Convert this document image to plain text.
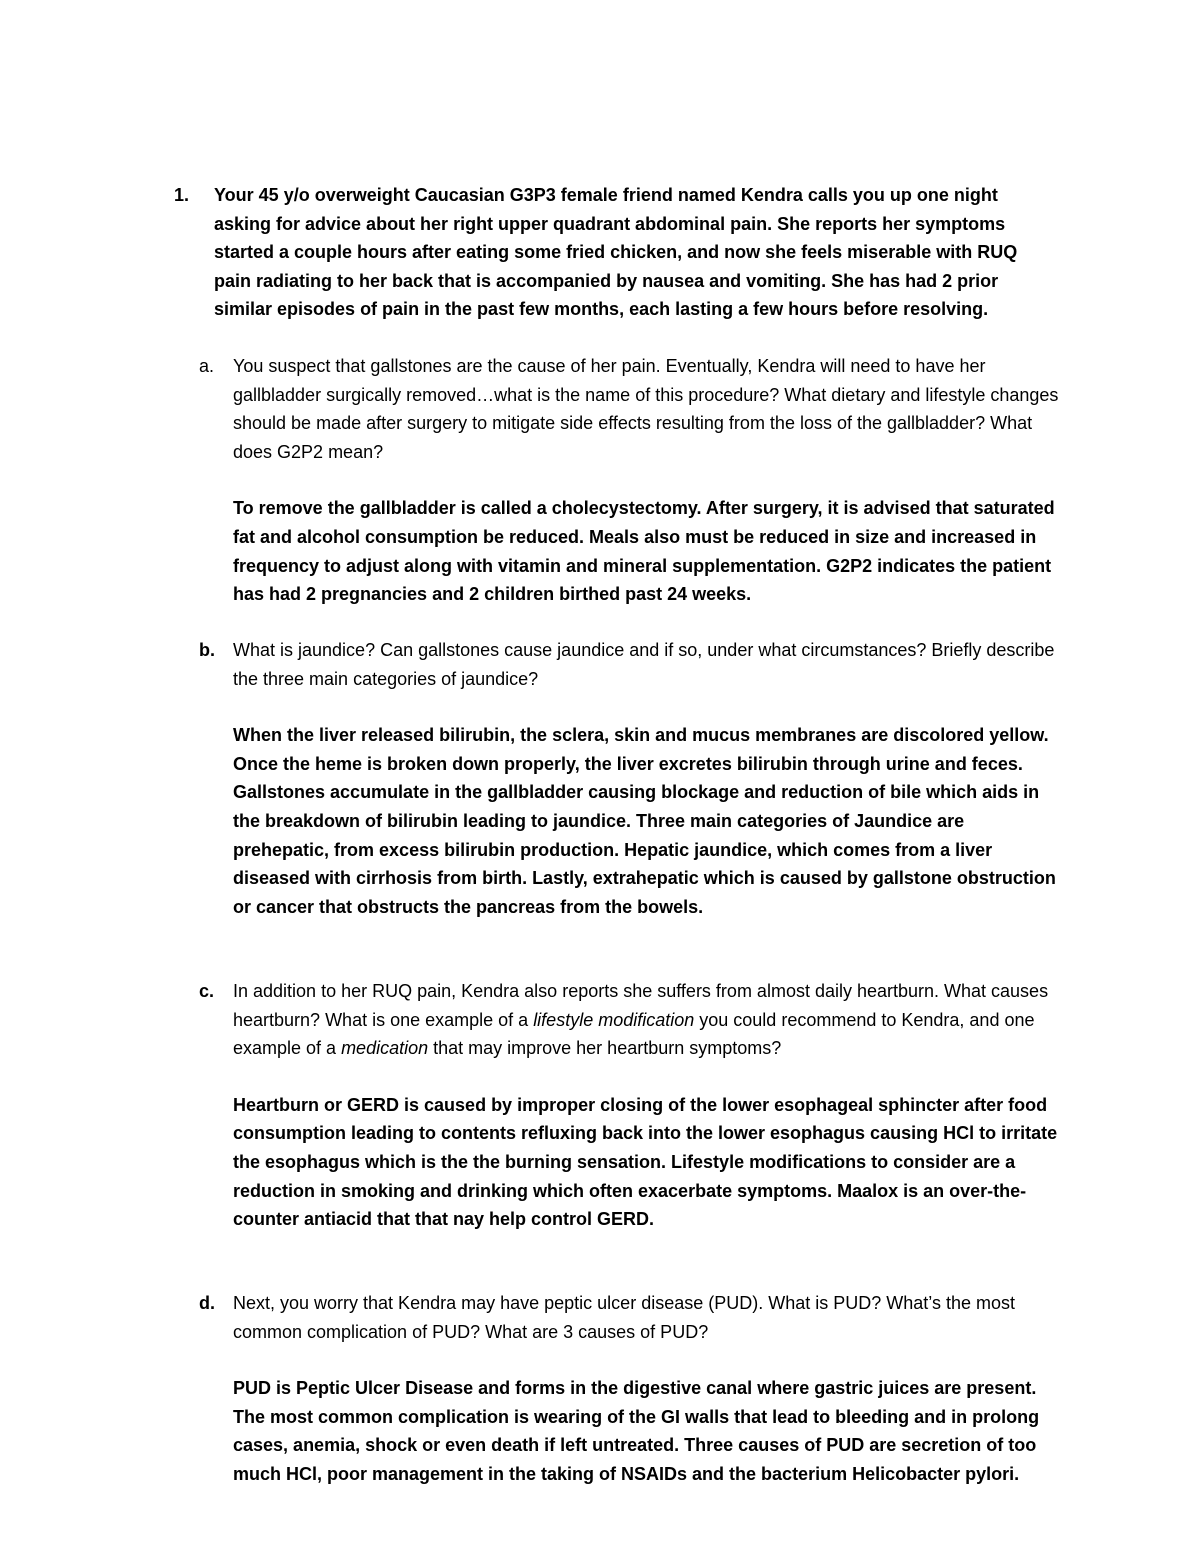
1. Your 45 y/o overweight Caucasian G3P3 female friend named Kendra calls you up one night asking for advice about her right upper quadrant abdominal pain. She reports her symptoms started a couple hours after eating some fried chicken, and now she feels miserable with RUQ pain radiating to her back that is accompanied by nausea and vomiting. She has had 2 prior similar episodes of pain in the past few months, each lasting a few hours before resolving.
a. You suspect that gallstones are the cause of her pain. Eventually, Kendra will need to have her gallbladder surgically removed…what is the name of this procedure? What dietary and lifestyle changes should be made after surgery to mitigate side effects resulting from the loss of the gallbladder? What does G2P2 mean?
To remove the gallbladder is called a cholecystectomy. After surgery, it is advised that saturated fat and alcohol consumption be reduced. Meals also must be reduced in size and increased in frequency to adjust along with vitamin and mineral supplementation. G2P2 indicates the patient has had 2 pregnancies and 2 children birthed past 24 weeks.
b. What is jaundice? Can gallstones cause jaundice and if so, under what circumstances? Briefly describe the three main categories of jaundice?
When the liver released bilirubin, the sclera, skin and mucus membranes are discolored yellow. Once the heme is broken down properly, the liver excretes bilirubin through urine and feces. Gallstones accumulate in the gallbladder causing blockage and reduction of bile which aids in the breakdown of bilirubin leading to jaundice. Three main categories of Jaundice are prehepatic, from excess bilirubin production. Hepatic jaundice, which comes from a liver diseased with cirrhosis from birth. Lastly, extrahepatic which is caused by gallstone obstruction or cancer that obstructs the pancreas from the bowels.
c. In addition to her RUQ pain, Kendra also reports she suffers from almost daily heartburn. What causes heartburn? What is one example of a lifestyle modification you could recommend to Kendra, and one example of a medication that may improve her heartburn symptoms?
Heartburn or GERD is caused by improper closing of the lower esophageal sphincter after food consumption leading to contents refluxing back into the lower esophagus causing HCl to irritate the esophagus which is the the burning sensation. Lifestyle modifications to consider are a reduction in smoking and drinking which often exacerbate symptoms. Maalox is an over-the-counter antiacid that that nay help control GERD.
d. Next, you worry that Kendra may have peptic ulcer disease (PUD). What is PUD? What’s the most common complication of PUD? What are 3 causes of PUD?
PUD is Peptic Ulcer Disease and forms in the digestive canal where gastric juices are present. The most common complication is wearing of the GI walls that lead to bleeding and in prolong cases, anemia, shock or even death if left untreated. Three causes of PUD are secretion of too much HCl, poor management in the taking of NSAIDs and the bacterium Helicobacter pylori.
